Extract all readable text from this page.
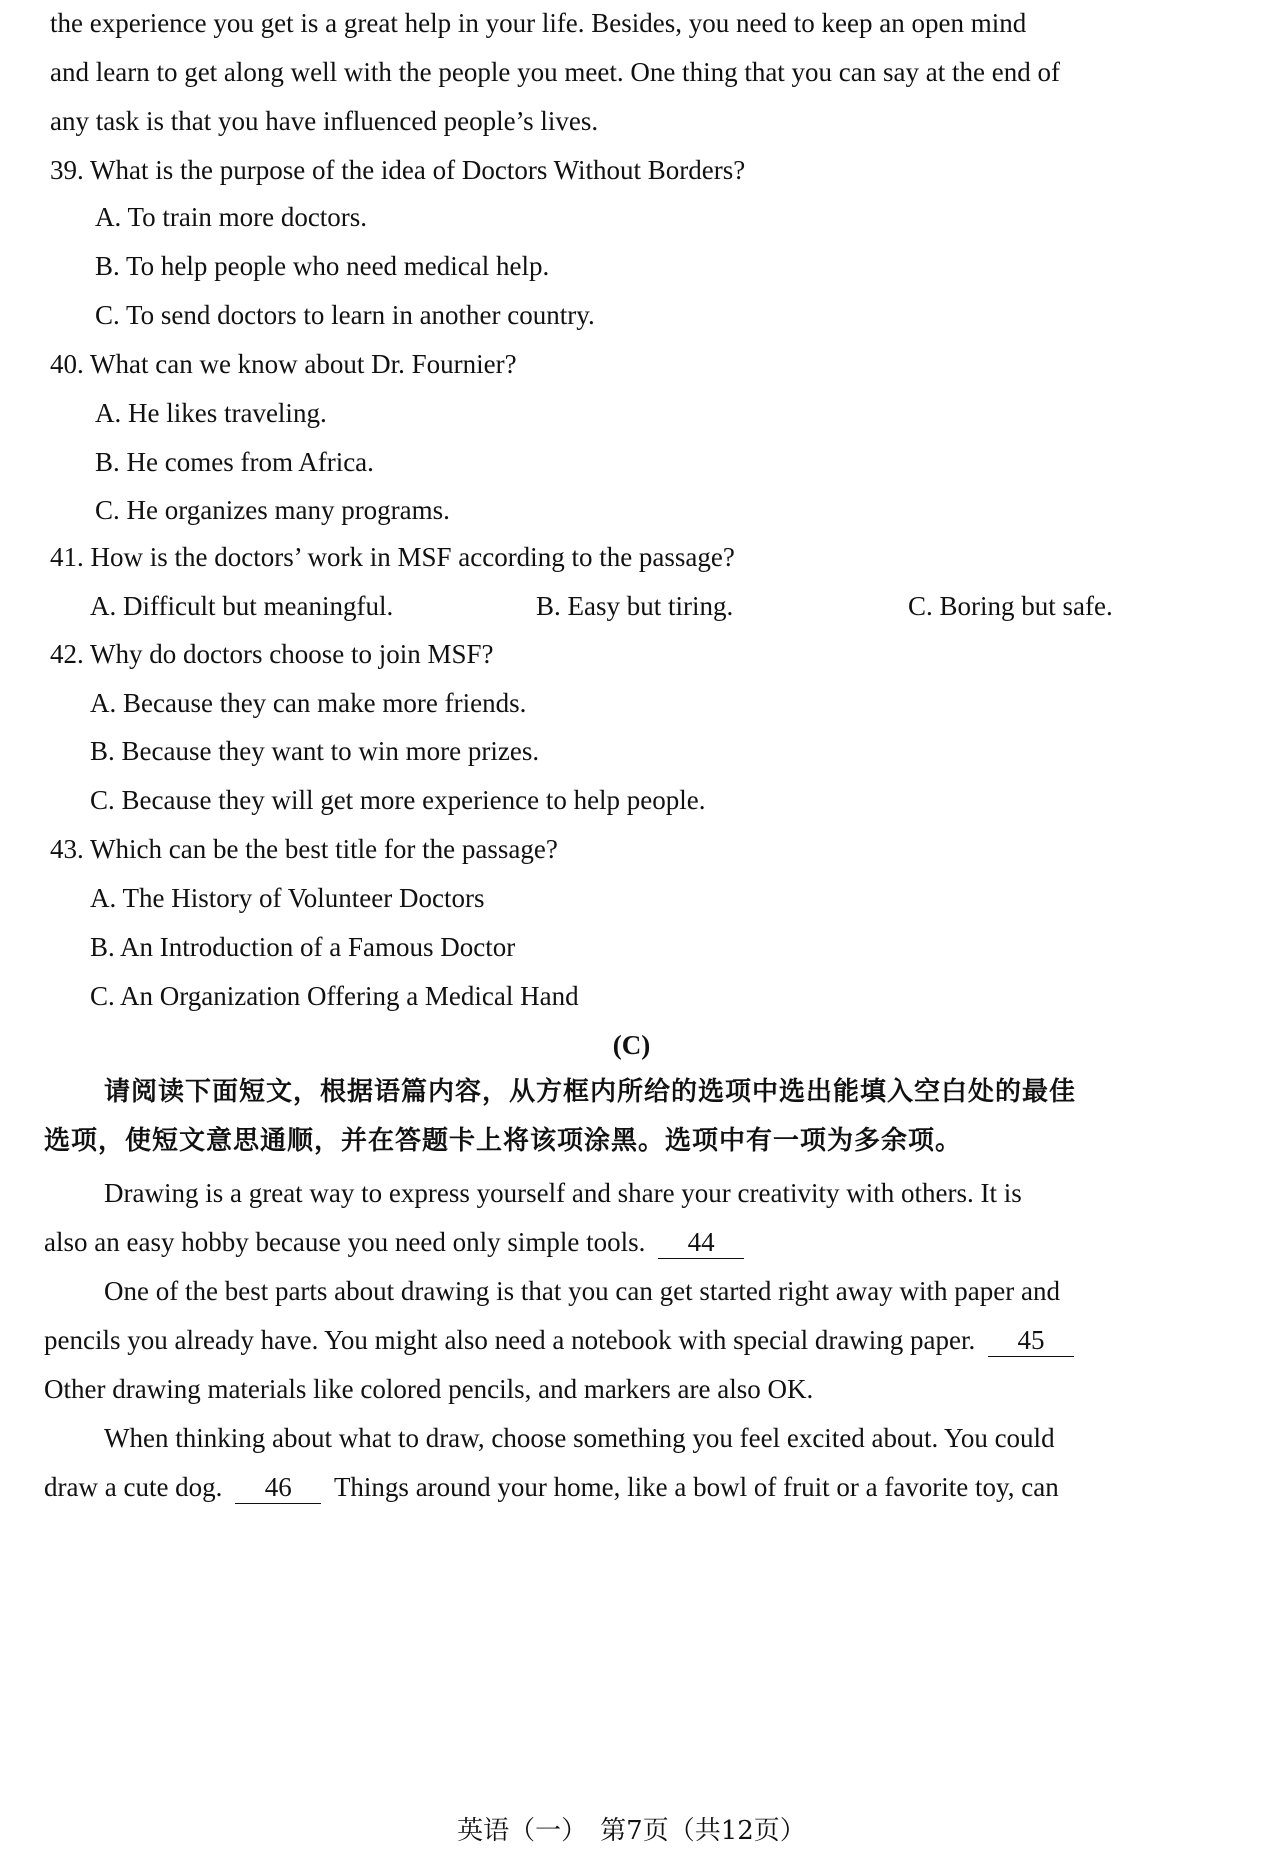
the experience you get is a great help in your life. Besides, you need to keep an open mind
and learn to get along well with the people you meet. One thing that you can say at the end of
any task is that you have influenced people’s lives.
39. What is the purpose of the idea of Doctors Without Borders?
A. To train more doctors.
B. To help people who need medical help.
C. To send doctors to learn in another country.
40. What can we know about Dr. Fournier?
A. He likes traveling.
B. He comes from Africa.
C. He organizes many programs.
41. How is the doctors’ work in MSF according to the passage?
A. Difficult but meaningful.	B. Easy but tiring.	C. Boring but safe.
42. Why do doctors choose to join MSF?
A. Because they can make more friends.
B. Because they want to win more prizes.
C. Because they will get more experience to help people.
43. Which can be the best title for the passage?
A. The History of Volunteer Doctors
B. An Introduction of a Famous Doctor
C. An Organization Offering a Medical Hand
(C)
请阅读下面短文，根据语篇内容，从方框内所给的选项中选出能填入空白处的最佳
选项，使短文意思通顺，并在答题卡上将该项涂黑。选项中有一项为多余项。
Drawing is a great way to express yourself and share your creativity with others. It is
also an easy hobby because you need only simple tools. 44
One of the best parts about drawing is that you can get started right away with paper and
pencils you already have. You might also need a notebook with special drawing paper. 45
Other drawing materials like colored pencils, and markers are also OK.
When thinking about what to draw, choose something you feel excited about. You could
draw a cute dog. 46 Things around your home, like a bowl of fruit or a favorite toy, can
英语（一）　第7页（共12页）
